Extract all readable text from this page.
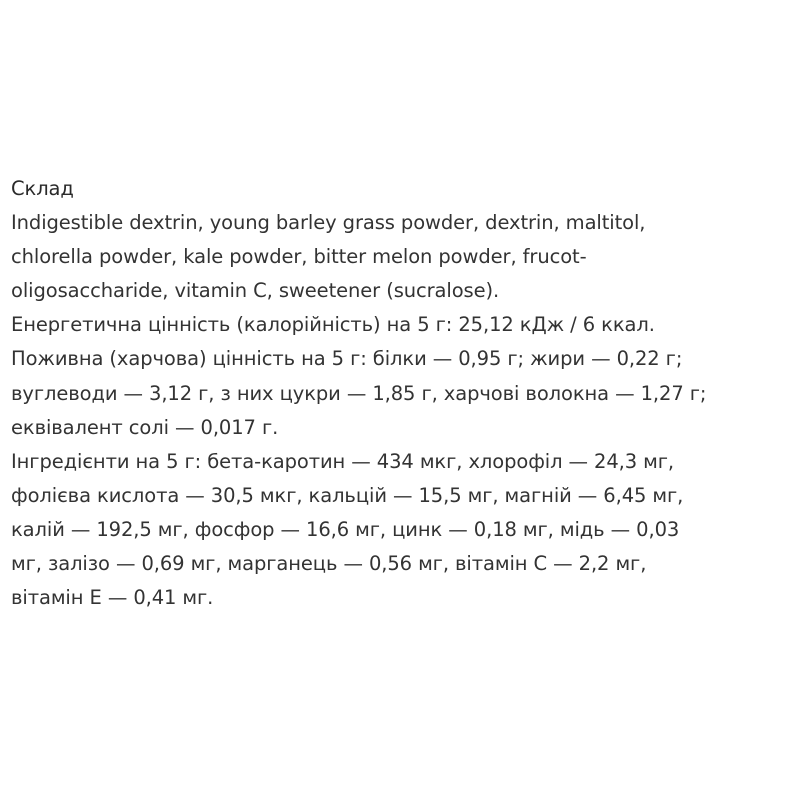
Склад
Indigestible dextrin, young barley grass powder, dextrin, maltitol,
chlorella powder, kale powder, bitter melon powder, frucot-
oligosaccharide, vitamin C, sweetener (sucralose).
Енергетична цінність (калорійність) на 5 г: 25,12 кДж / 6 ккал.
Поживна (харчова) цінність на 5 г: білки — 0,95 г; жири — 0,22 г;
вуглеводи — 3,12 г, з них цукри — 1,85 г, харчові волокна — 1,27 г;
еквівалент солі — 0,017 г.
Інгредієнти на 5 г: бета-каротин — 434 мкг, хлорофіл — 24,3 мг,
фолієва кислота — 30,5 мкг, кальцій — 15,5 мг, магній — 6,45 мг,
калій — 192,5 мг, фосфор — 16,6 мг, цинк — 0,18 мг, мідь — 0,03
мг, залізо — 0,69 мг, марганець — 0,56 мг, вітамін С — 2,2 мг,
вітамін Е — 0,41 мг.
